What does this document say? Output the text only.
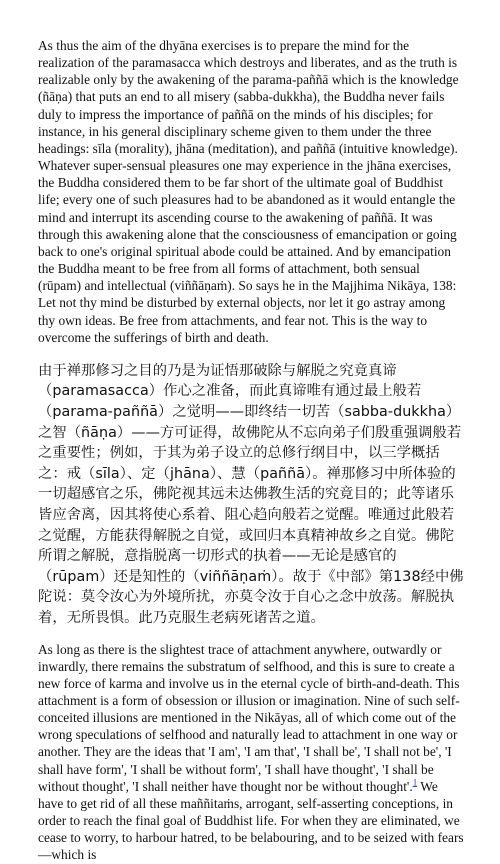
As thus the aim of the dhyāna exercises is to prepare the mind for the realization of the paramasacca which destroys and liberates, and as the truth is realizable only by the awakening of the parama-paññā which is the knowledge (ñāṇa) that puts an end to all misery (sabba-dukkha), the Buddha never fails duly to impress the importance of paññā on the minds of his disciples; for instance, in his general disciplinary scheme given to them under the three headings: sīla (morality), jhāna (meditation), and paññā (intuitive knowledge). Whatever super-sensual pleasures one may experience in the jhāna exercises, the Buddha considered them to be far short of the ultimate goal of Buddhist life; every one of such pleasures had to be abandoned as it would entangle the mind and interrupt its ascending course to the awakening of paññā. It was through this awakening alone that the consciousness of emancipation or going back to one's original spiritual abode could be attained. And by emancipation the Buddha meant to be free from all forms of attachment, both sensual (rūpam) and intellectual (viññāṇaṁ). So says he in the Majjhima Nikāya, 138: Let not thy mind be disturbed by external objects, nor let it go astray among thy own ideas. Be free from attachments, and fear not. This is the way to overcome the sufferings of birth and death.

由于禅那修习之目的乃是为证悟那破除与解脱之究竟真谛（paramasacca）作心之准备，而此真谛唯有通过最上般若（parama-paññā）之觉明——即终结一切苦（sabba-dukkha）之智（ñāṇa）——方可证得，故佛陀从不忘向弟子们殷重强调般若之重要性；例如，于其为弟子设立的总修行纲目中，以三学概括之：戒（sīla）、定（jhāna）、慧（paññā）。禅那修习中所体验的一切超感官之乐，佛陀视其远未达佛教生活的究竟目的；此等诸乐皆应舍离，因其将使心系着、阻心趋向般若之觉醒。唯通过此般若之觉醒，方能获得解脱之自觉，或回归本真精神故乡之自觉。佛陀所谓之解脱，意指脱离一切形式的执着——无论是感官的（rūpam）还是知性的（viññāṇaṁ）。故于《中部》第138经中佛陀说：莫令汝心为外境所扰，亦莫令汝于自心之念中放荡。解脱执着，无所畏惧。此乃克服生老病死诸苦之道。

As long as there is the slightest trace of attachment anywhere, outwardly or inwardly, there remains the substratum of selfhood, and this is sure to create a new force of karma and involve us in the eternal cycle of birth-and-death. This attachment is a form of obsession or illusion or imagination. Nine of such self-conceited illusions are mentioned in the Nikāyas, all of which come out of the wrong speculations of selfhood and naturally lead to attachment in one way or another. They are the ideas that 'I am', 'I am that', 'I shall be', 'I shall not be', 'I shall have form', 'I shall be without form', 'I shall have thought', 'I shall be without thought', 'I shall neither have thought nor be without thought'.$^1$ We have to get rid of all these maññitaṁs, arrogant, self-asserting conceptions, in order to reach the final goal of Buddhist life. For when they are eliminated, we cease to worry, to harbour hatred, to be belabouring, and to be seized with fears—which is
